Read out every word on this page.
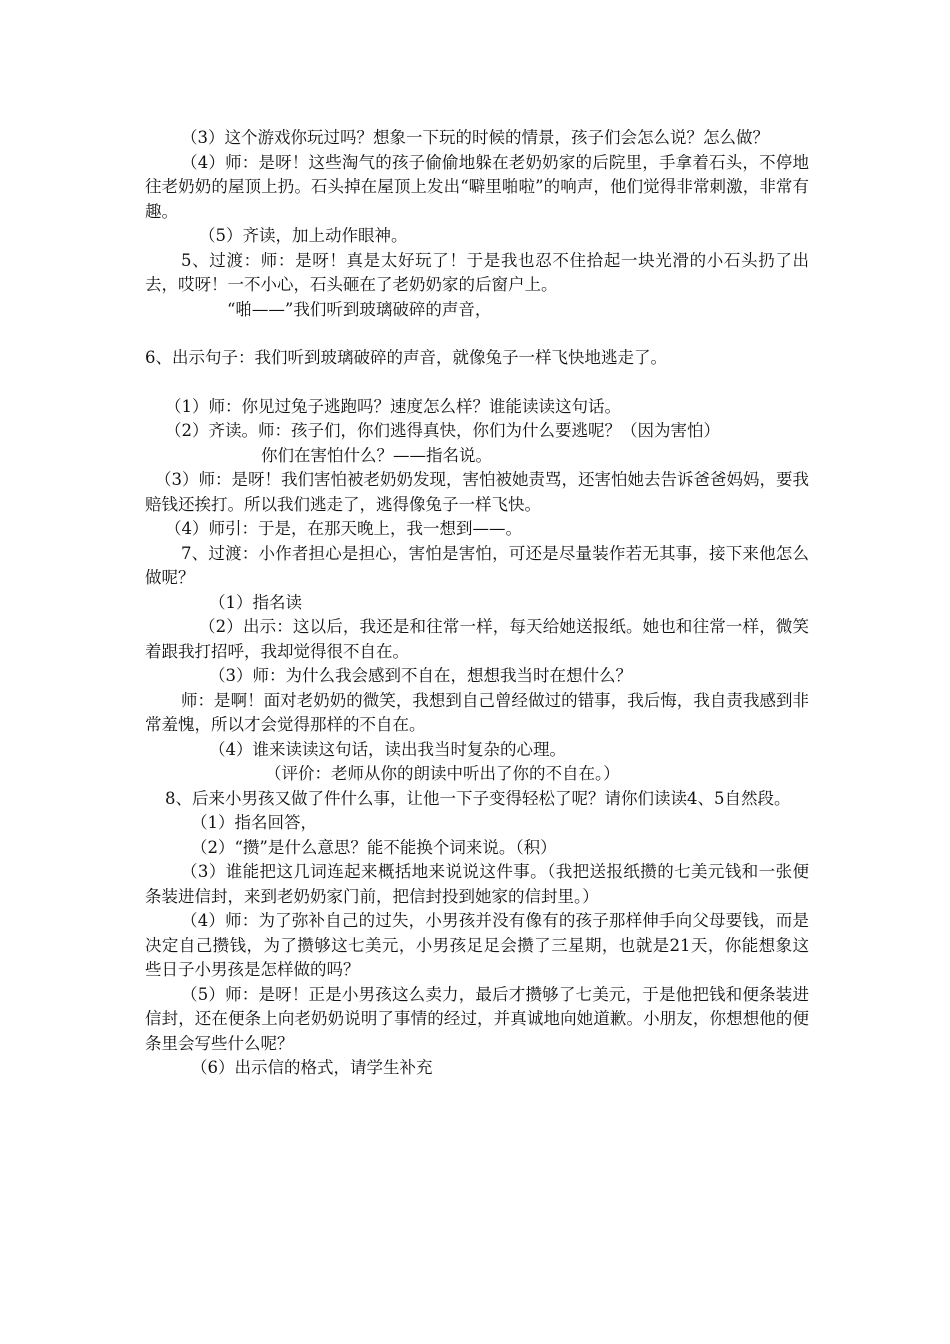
（3）这个游戏你玩过吗？想象一下玩的时候的情景，孩子们会怎么说？怎么做？

（4）师：是呀！这些淘气的孩子偷偷地躲在老奶奶家的后院里，手拿着石头，不停地往老奶奶的屋顶上扔。石头掉在屋顶上发出“噼里啪啦”的响声，他们觉得非常刺激，非常有趣。

（5）齐读，加上动作眼神。

5、过渡：师：是呀！真是太好玩了！于是我也忍不住拾起一块光滑的小石头扔了出去，哎呀！一不小心，石头砸在了老奶奶家的后窗户上。

“啪——”我们听到玻璃破碎的声音，

6、出示句子：我们听到玻璃破碎的声音，就像兔子一样飞快地逃走了。

（1）师：你见过兔子逃跑吗？速度怎么样？谁能读读这句话。

（2）齐读。师：孩子们，你们逃得真快，你们为什么要逃呢？（因为害怕）

你们在害怕什么？——指名说。

（3）师：是呀！我们害怕被老奶奶发现，害怕被她责骂，还害怕她去告诉爸爸妈妈，要我赔钱还挨打。所以我们逃走了，逃得像兔子一样飞快。

（4）师引：于是，在那天晚上，我一想到——。

7、过渡：小作者担心是担心，害怕是害怕，可还是尽量装作若无其事，接下来他怎么做呢？

（1）指名读

（2）出示：这以后，我还是和往常一样，每天给她送报纸。她也和往常一样，微笑着跟我打招呼，我却觉得很不自在。

（3）师：为什么我会感到不自在，想想我当时在想什么？

师：是啊！面对老奶奶的微笑，我想到自己曾经做过的错事，我后悔，我自责我感到非常羞愧，所以才会觉得那样的不自在。

（4）谁来读读这句话，读出我当时复杂的心理。

（评价：老师从你的朗读中听出了你的不自在。）

8、后来小男孩又做了件什么事，让他一下子变得轻松了呢？请你们读读4、5自然段。

（1）指名回答，

（2）“攒”是什么意思？能不能换个词来说。（积）

（3）谁能把这几词连起来概括地来说说这件事。（我把送报纸攒的七美元钱和一张便条装进信封，来到老奶奶家门前，把信封投到她家的信封里。）

（4）师：为了弥补自己的过失，小男孩并没有像有的孩子那样伸手向父母要钱，而是决定自己攒钱，为了攒够这七美元，小男孩足足会攒了三星期，也就是21天，你能想象这些日子小男孩是怎样做的吗？

（5）师：是呀！正是小男孩这么卖力，最后才攒够了七美元，于是他把钱和便条装进信封，还在便条上向老奶奶说明了事情的经过，并真诚地向她道歉。小朋友，你想想他的便条里会写些什么呢？

（6）出示信的格式，请学生补充
